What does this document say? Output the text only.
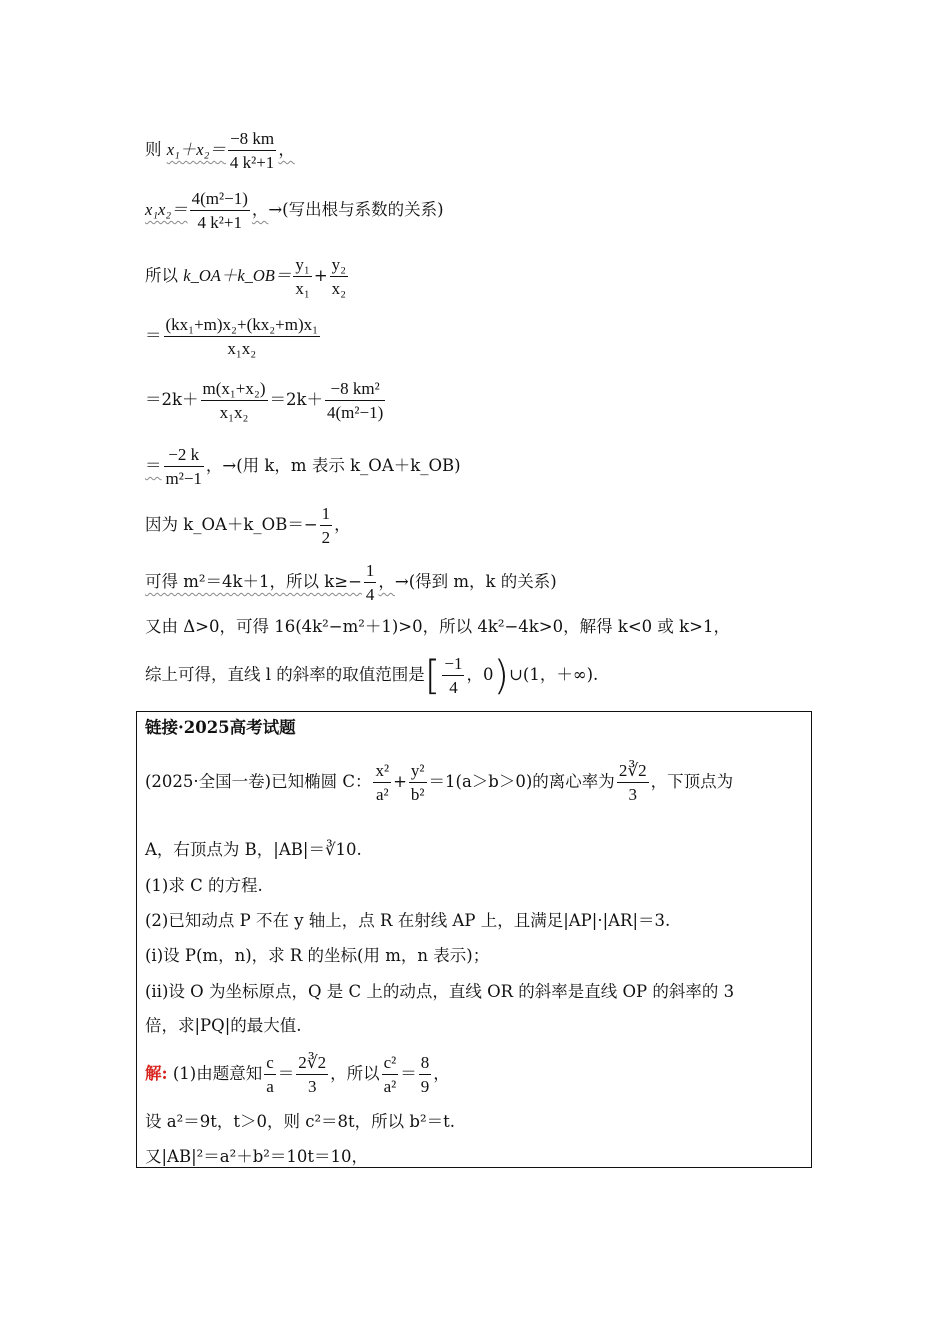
则 $x_1+x_2= \frac{-8 km}{\text{4 k²+1}}$ ，
$x_1x_2= \frac{\text{4(m²−1)}}{\text{4 k²+1}}$ ，→(写出根与系数的关系)
所以 k_OA＋k_OB＝ $\frac{\text{y₁}}{\text{x₁}} + \frac{\text{y₂}}{\text{x₂}}$
＝ $\frac{\text{(kx₁+m)x₂+(kx₂+m)x₁}}{\text{x₁x₂}}$
$=2k+ \frac{\text{m(x₁+x₂)}}{\text{x₁x₂}} =2k+ \frac{\text{−8 km²}}{\text{4(m²−1)}}$
＝ $\frac{-2 k}{\text{m²−1}}$ ，→(用 k，m 表示 k_OA＋k_OB)
因为 k_OA＋k_OB＝− $\frac{1}{2}$ ，
可得 m²＝4k＋1，所以 $k\ge- \frac{1}{4}$ ，→(得到 m，k 的关系)
又由 Δ>0，可得 16(4k²−m²＋1)>0，所以 4k²−4k>0，解得 k<0 或 k>1，
综上可得，直线 l 的斜率的取值范围是[ $\frac{-1}{4}$ ，0)∪(1，＋∞).
链接·2025高考试题
(2025·全国一卷)已知椭圆 C： $\frac{\text{x²}}{\text{a²}} + \frac{\text{y²}}{\text{b²}} =1(a>b>0)$的离心率为 $\frac{2∛2}{3}$ ，下顶点为
A，右顶点为 B，|AB|＝∛10.
(1)求 C 的方程.
(2)已知动点 P 不在 y 轴上，点 R 在射线 AP 上，且满足|AP|·|AR|＝3.
(ⅰ)设 P(m，n)，求 R 的坐标(用 m，n 表示)；
(ⅱ)设 O 为坐标原点，Q 是 C 上的动点，直线 OR 的斜率是直线 OP 的斜率的 3
倍，求|PQ|的最大值.
解: (1)由题意知 $\frac{c}{a} = \frac{2∛2}{3}$ ，所以 $\frac{\text{c²}}{\text{a²}} = \frac{8}{9}$ ，
设 a²＝9t，t＞0，则 c²＝8t，所以 b²＝t.
又|AB|²＝a²＋b²＝10t＝10，
